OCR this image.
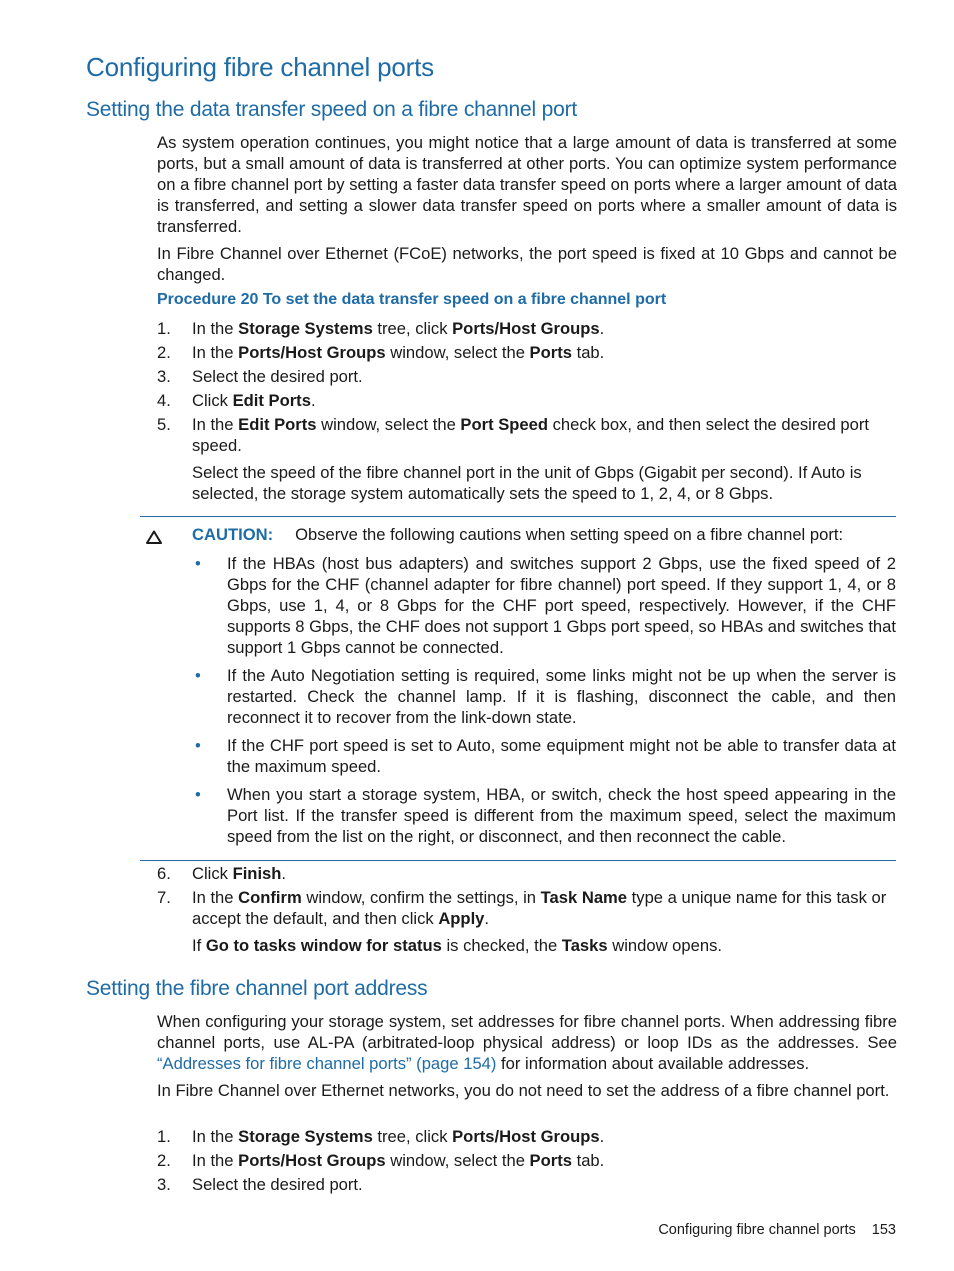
Configuring fibre channel ports
Setting the data transfer speed on a fibre channel port

As system operation continues, you might notice that a large amount of data is transferred at some ports, but a small amount of data is transferred at other ports. You can optimize system performance on a fibre channel port by setting a faster data transfer speed on ports where a larger amount of data is transferred, and setting a slower data transfer speed on ports where a smaller amount of data is transferred.

In Fibre Channel over Ethernet (FCoE) networks, the port speed is fixed at 10 Gbps and cannot be changed.

Procedure 20 To set the data transfer speed on a fibre channel port
1.	In the Storage Systems tree, click Ports/Host Groups.
2.	In the Ports/Host Groups window, select the Ports tab.
3.	Select the desired port.
4.	Click Edit Ports.
5.	In the Edit Ports window, select the Port Speed check box, and then select the desired port speed.
Select the speed of the fibre channel port in the unit of Gbps (Gigabit per second). If Auto is selected, the storage system automatically sets the speed to 1, 2, 4, or 8 Gbps.
CAUTION: Observe the following cautions when setting speed on a fibre channel port:
• If the HBAs (host bus adapters) and switches support 2 Gbps, use the fixed speed of 2 Gbps for the CHF (channel adapter for fibre channel) port speed. If they support 1, 4, or 8 Gbps, use 1, 4, or 8 Gbps for the CHF port speed, respectively. However, if the CHF supports 8 Gbps, the CHF does not support 1 Gbps port speed, so HBAs and switches that support 1 Gbps cannot be connected.
• If the Auto Negotiation setting is required, some links might not be up when the server is restarted. Check the channel lamp. If it is flashing, disconnect the cable, and then reconnect it to recover from the link-down state.
• If the CHF port speed is set to Auto, some equipment might not be able to transfer data at the maximum speed.
• When you start a storage system, HBA, or switch, check the host speed appearing in the Port list. If the transfer speed is different from the maximum speed, select the maximum speed from the list on the right, or disconnect, and then reconnect the cable.
6.	Click Finish.
7.	In the Confirm window, confirm the settings, in Task Name type a unique name for this task or accept the default, and then click Apply.
If Go to tasks window for status is checked, the Tasks window opens.
Setting the fibre channel port address

When configuring your storage system, set addresses for fibre channel ports. When addressing fibre channel ports, use AL-PA (arbitrated-loop physical address) or loop IDs as the addresses. See “Addresses for fibre channel ports” (page 154) for information about available addresses.

In Fibre Channel over Ethernet networks, you do not need to set the address of a fibre channel port.

1.	In the Storage Systems tree, click Ports/Host Groups.
2.	In the Ports/Host Groups window, select the Ports tab.
3.	Select the desired port.
Configuring fibre channel ports 153
